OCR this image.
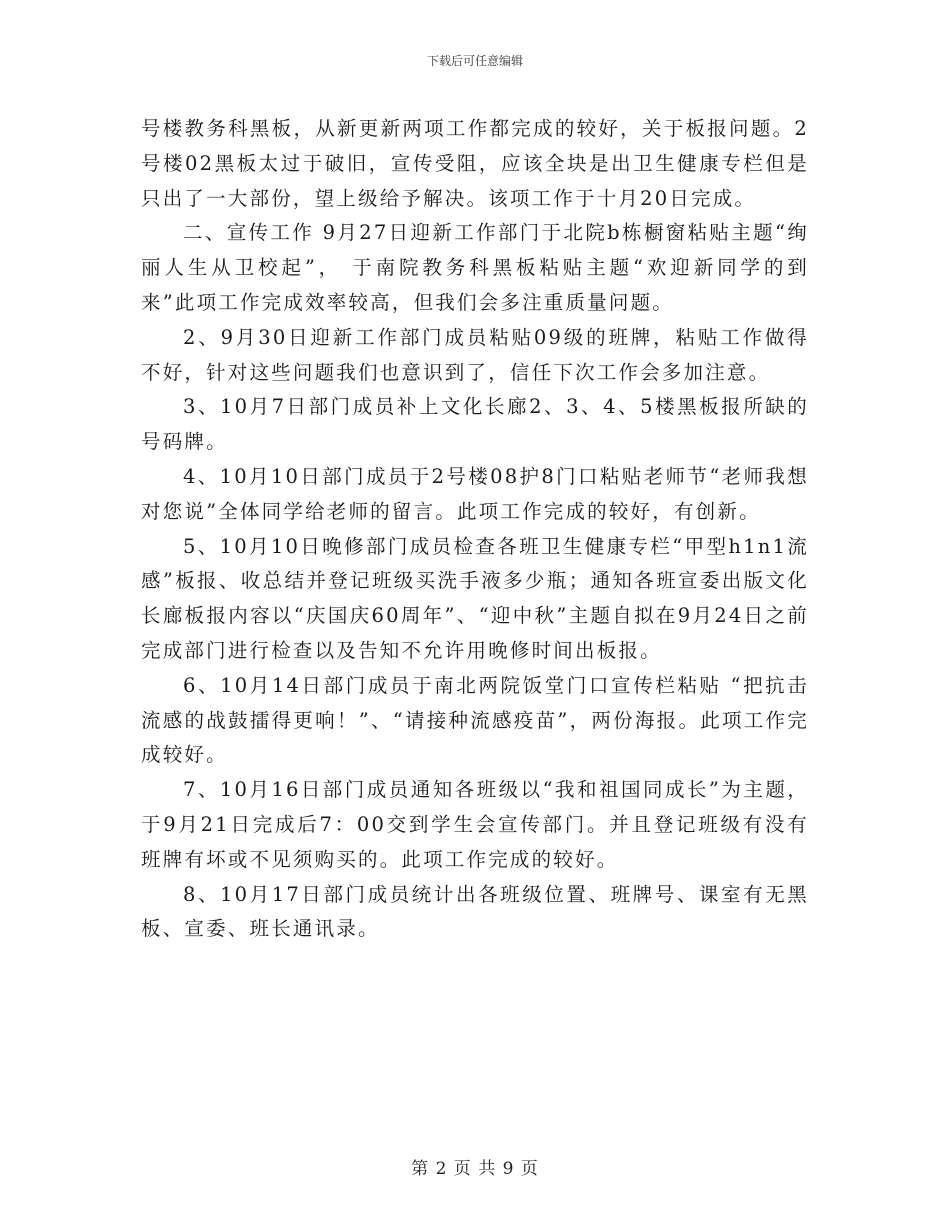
下载后可任意编辑

号楼教务科黑板，从新更新两项工作都完成的较好，关于板报问题。2号楼02黑板太过于破旧，宣传受阻，应该全块是出卫生健康专栏但是只出了一大部份，望上级给予解决。该项工作于十月20日完成。

二、宣传工作 9月27日迎新工作部门于北院b栋橱窗粘贴主题“绚丽人生从卫校起”， 于南院教务科黑板粘贴主题“欢迎新同学的到来”此项工作完成效率较高，但我们会多注重质量问题。

2、9月30日迎新工作部门成员粘贴09级的班牌，粘贴工作做得不好，针对这些问题我们也意识到了，信任下次工作会多加注意。

3、10月7日部门成员补上文化长廊2、3、4、5楼黑板报所缺的号码牌。

4、10月10日部门成员于2号楼08护8门口粘贴老师节“老师我想对您说”全体同学给老师的留言。此项工作完成的较好，有创新。

5、10月10日晚修部门成员检查各班卫生健康专栏“甲型h1n1流感”板报、收总结并登记班级买洗手液多少瓶；通知各班宣委出版文化长廊板报内容以“庆国庆60周年”、“迎中秋”主题自拟在9月24日之前完成部门进行检查以及告知不允许用晚修时间出板报。

6、10月14日部门成员于南北两院饭堂门口宣传栏粘贴 “把抗击流感的战鼓擂得更响！”、“请接种流感疫苗”，两份海报。此项工作完成较好。

7、10月16日部门成员通知各班级以“我和祖国同成长”为主题，于9月21日完成后7：00交到学生会宣传部门。并且登记班级有没有班牌有坏或不见须购买的。此项工作完成的较好。

8、10月17日部门成员统计出各班级位置、班牌号、课室有无黑板、宣委、班长通讯录。

第 2 页 共 9 页
